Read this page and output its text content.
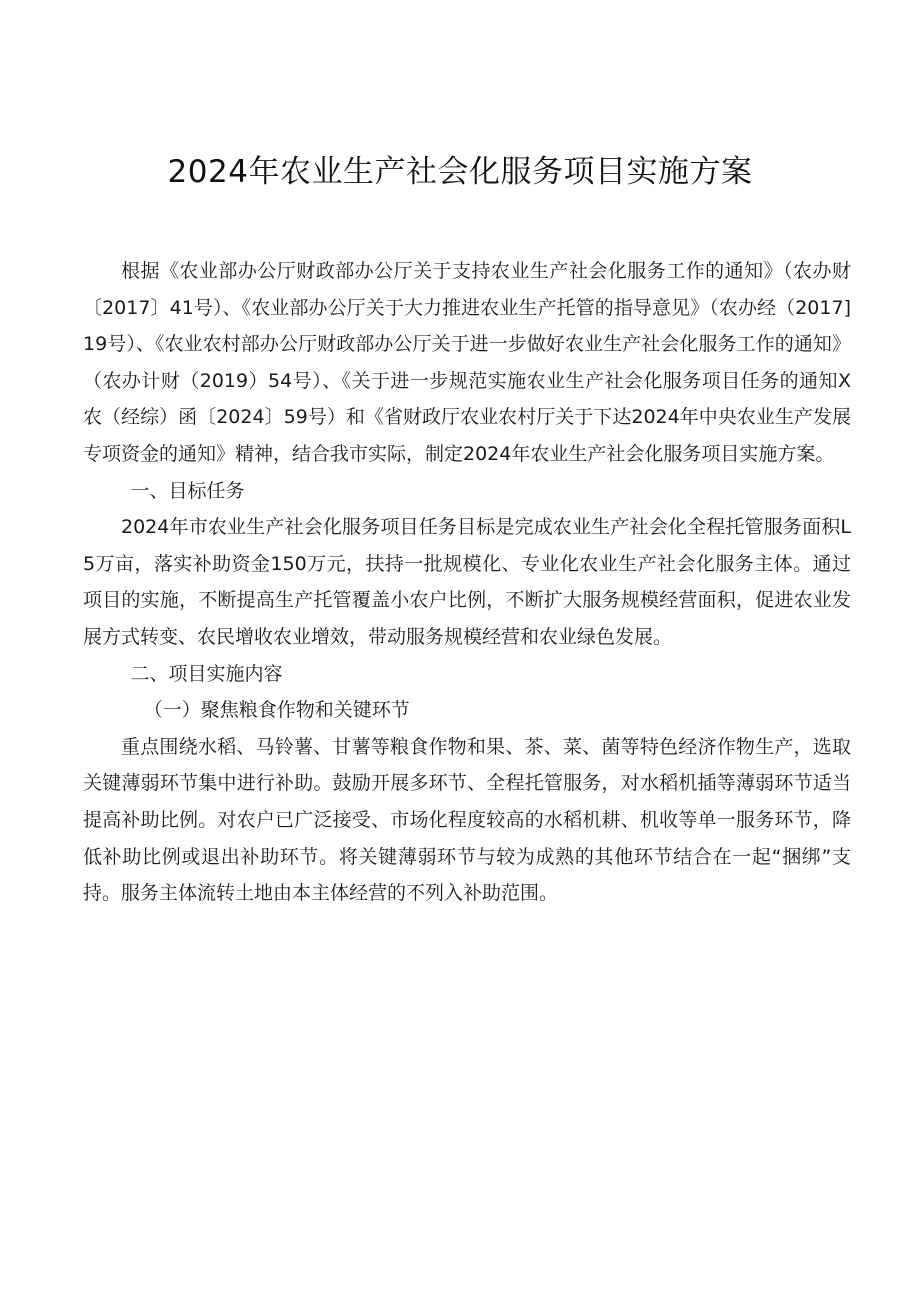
2024年农业生产社会化服务项目实施方案

根据《农业部办公厅财政部办公厅关于支持农业生产社会化服务工作的通知》（农办财〔2017〕41号）、《农业部办公厅关于大力推进农业生产托管的指导意见》（农办经（2017]19号）、《农业农村部办公厅财政部办公厅关于进一步做好农业生产社会化服务工作的通知》（农办计财（2019）54号）、《关于进一步规范实施农业生产社会化服务项目任务的通知X农（经综）函〔2024〕59号）和《省财政厅农业农村厅关于下达2024年中央农业生产发展专项资金的通知》精神，结合我市实际，制定2024年农业生产社会化服务项目实施方案。

一、目标任务

2024年市农业生产社会化服务项目任务目标是完成农业生产社会化全程托管服务面积L5万亩，落实补助资金150万元，扶持一批规模化、专业化农业生产社会化服务主体。通过项目的实施，不断提高生产托管覆盖小农户比例，不断扩大服务规模经营面积，促进农业发展方式转变、农民增收农业增效，带动服务规模经营和农业绿色发展。

二、项目实施内容

（一）聚焦粮食作物和关键环节

重点围绕水稻、马铃薯、甘薯等粮食作物和果、茶、菜、菌等特色经济作物生产，选取关键薄弱环节集中进行补助。鼓励开展多环节、全程托管服务，对水稻机插等薄弱环节适当提高补助比例。对农户已广泛接受、市场化程度较高的水稻机耕、机收等单一服务环节，降低补助比例或退出补助环节。将关键薄弱环节与较为成熟的其他环节结合在一起“捆绑”支持。服务主体流转土地由本主体经营的不列入补助范围。
